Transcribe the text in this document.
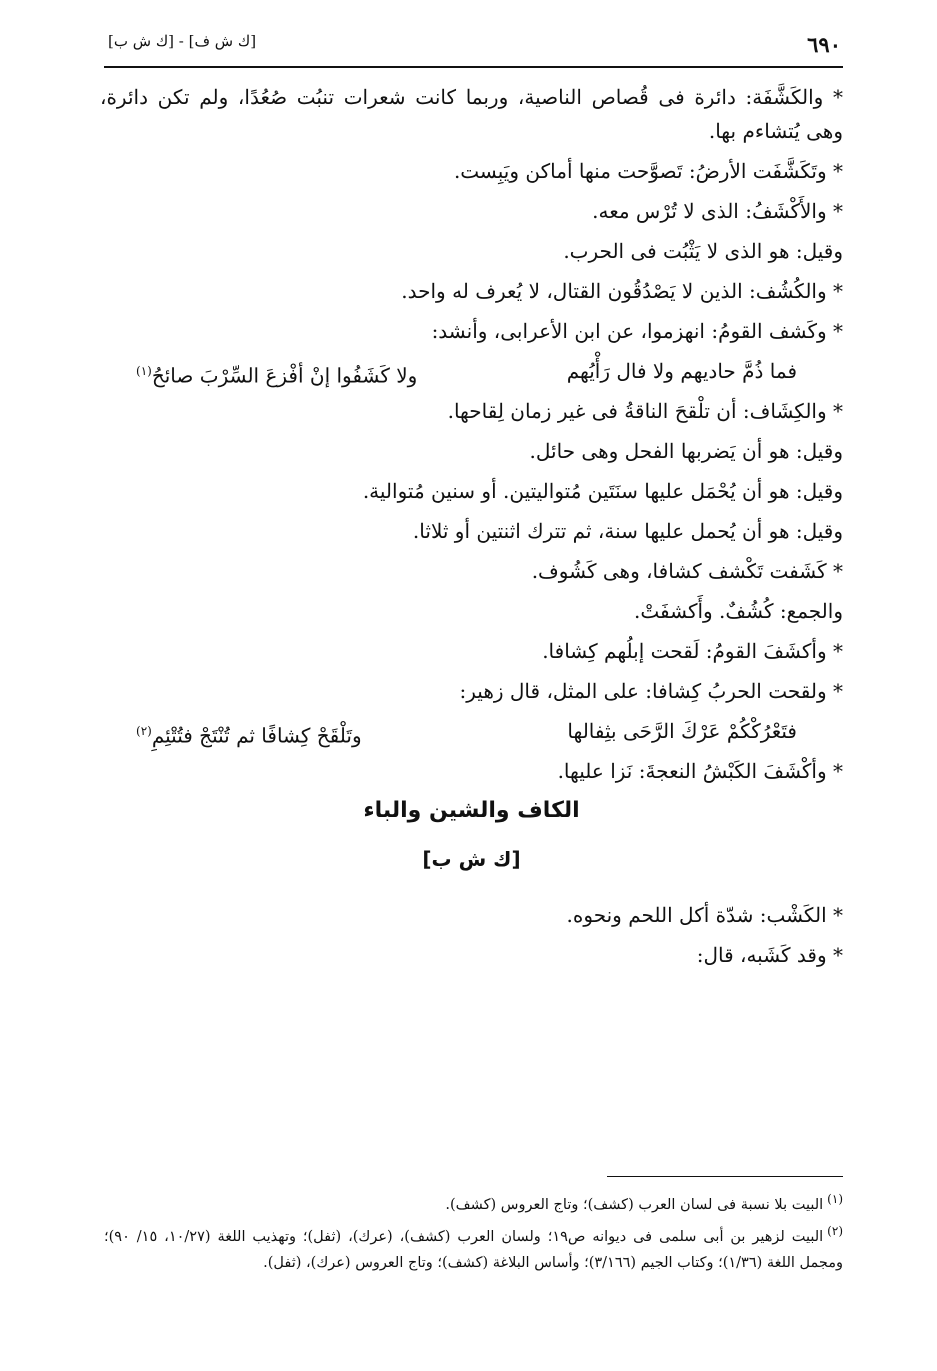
٦٩٠
[ك ش ف] - [ك ش ب]
* والكَشَّفَة: دائرة فى قُصاص الناصية، وربما كانت شعرات تنبُت صُعُدًا، ولم تكن دائرة، وهى يُتشاءم بها.
* وتَكَشَّفَت الأرضُ: تَصوَّحت منها أماكن ويَبِست.
* والأَكْشَفُ: الذى لا تُرْس معه.
وقيل: هو الذى لا يَثْبُت فى الحرب.
* والكُشُف: الذين لا يَصْدُقُون القتال، لا يُعرف له واحد.
* وكَشف القومُ: انهزموا، عن ابن الأعرابى، وأنشد:
فما ذُمَّ حاديهم ولا فال رَأْيُهم
ولا كَشَفُوا إنْ أفْزعَ السِّرْبَ صائحُ$^{(١)}$
* والكِشَاف: أن تلْقحَ الناقةُ فى غير زمان لِقاحها.
وقيل: هو أن يَضربها الفحل وهى حائل.
وقيل: هو أن يُحْمَل عليها سنَتَين مُتواليتين. أو سنين مُتوالية.
وقيل: هو أن يُحمل عليها سنة، ثم تترك اثنتين أو ثلاثا.
* كَشَفت تَكْشف كشافا، وهى كَشُوف.
والجمع: كُشُفٌ. وأَكشفَتْ.
* وأكشَفَ القومُ: لَقحت إبلُهم كِشافا.
* ولقحت الحربُ كِشافا: على المثل، قال زهير:
فتَعْرُكْكُمْ عَرْكَ الرَّحَى بثِفالها
وتَلْقَحْ كِشافًا ثم تُنْتَجْ فتُتْئِمِ$^{(٢)}$
* وأكْشَفَ الكَبْشُ النعجةَ: نَزا عليها.
الكاف والشين والباء
[ك ش ب]
* الكَشْب: شدّة أكل اللحم ونحوه.
* وقد كَشَبه، قال:
$^{(١)}$البيت بلا نسبة فى لسان العرب (كشف)؛ وتاج العروس (كشف).
$^{(٢)}$البيت لزهير بن أبى سلمى فى ديوانه ص١٩؛ ولسان العرب (كشف)، (عرك)، (ثفل)؛ وتهذيب اللغة (١٠/٢٧، ١٥/ ٩٠)؛ ومجمل اللغة (١/٣٦)؛ وكتاب الجيم (٣/١٦٦)؛ وأساس البلاغة (كشف)؛ وتاج العروس (عرك)، (ثفل).
